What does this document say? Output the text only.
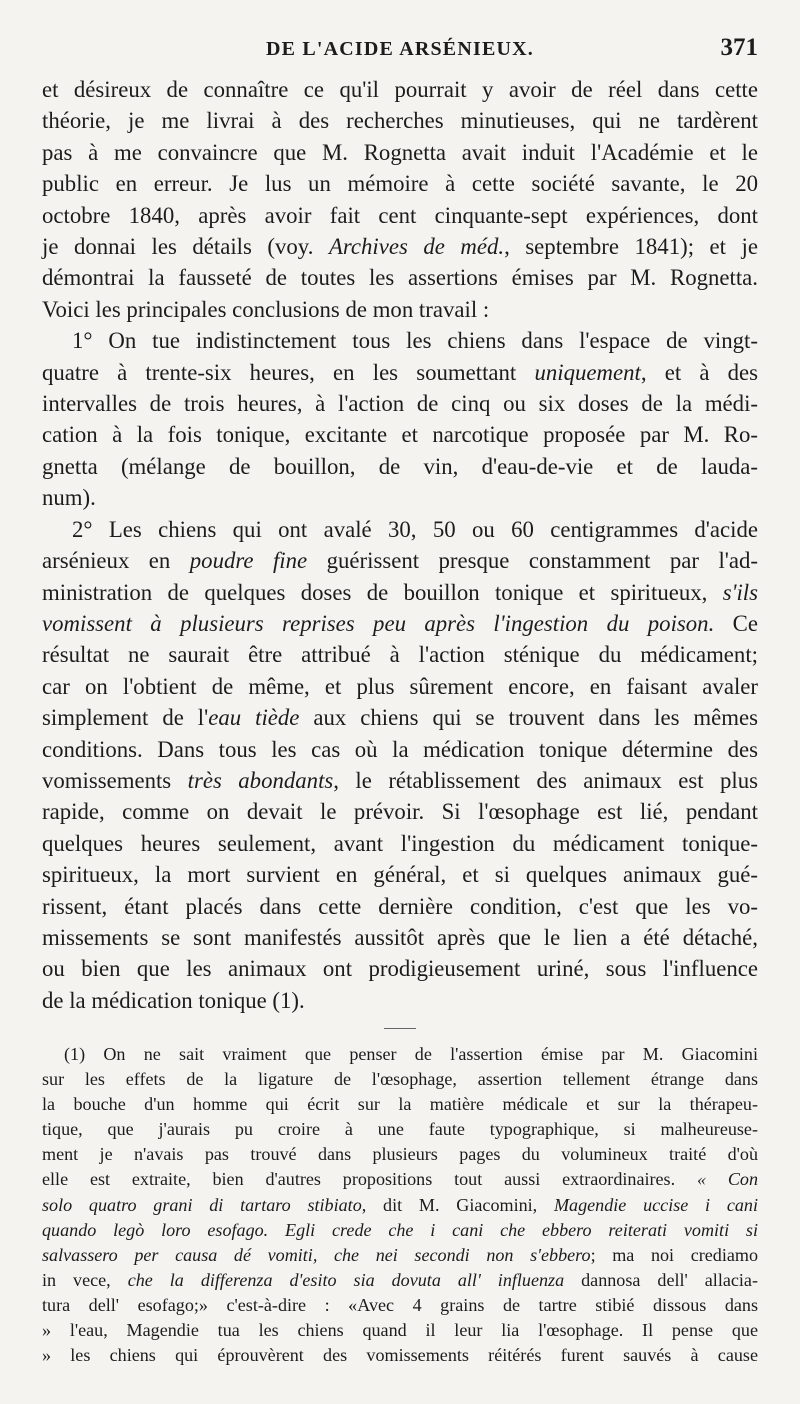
DE L'ACIDE ARSÉNIEUX.	371
et désireux de connaître ce qu'il pourrait y avoir de réel dans cette
théorie, je me livrai à des recherches minutieuses, qui ne tardèrent
pas à me convaincre que M. Rognetta avait induit l'Académie et le
public en erreur. Je lus un mémoire à cette société savante, le 20
octobre 1840, après avoir fait cent cinquante-sept expériences, dont
je donnai les détails (voy. Archives de méd., septembre 1841); et je
démontrai la fausseté de toutes les assertions émises par M. Rognetta.
Voici les principales conclusions de mon travail :
1° On tue indistinctement tous les chiens dans l'espace de vingt-
quatre à trente-six heures, en les soumettant uniquement, et à des
intervalles de trois heures, à l'action de cinq ou six doses de la médi-
cation à la fois tonique, excitante et narcotique proposée par M. Ro-
gnetta (mélange de bouillon, de vin, d'eau-de-vie et de lauda-
num).
2° Les chiens qui ont avalé 30, 50 ou 60 centigrammes d'acide
arsénieux en poudre fine guérissent presque constamment par l'ad-
ministration de quelques doses de bouillon tonique et spiritueux, s'ils
vomissent à plusieurs reprises peu après l'ingestion du poison. Ce
résultat ne saurait être attribué à l'action sténique du médicament;
car on l'obtient de même, et plus sûrement encore, en faisant avaler
simplement de l'eau tiède aux chiens qui se trouvent dans les mêmes
conditions. Dans tous les cas où la médication tonique détermine des
vomissements très abondants, le rétablissement des animaux est plus
rapide, comme on devait le prévoir. Si l'œsophage est lié, pendant
quelques heures seulement, avant l'ingestion du médicament tonique-
spiritueux, la mort survient en général, et si quelques animaux gué-
rissent, étant placés dans cette dernière condition, c'est que les vo-
missements se sont manifestés aussitôt après que le lien a été détaché,
ou bien que les animaux ont prodigieusement uriné, sous l'influence
de la médication tonique (1).
(1) On ne sait vraiment que penser de l'assertion émise par M. Giacomini
sur les effets de la ligature de l'œsophage, assertion tellement étrange dans
la bouche d'un homme qui écrit sur la matière médicale et sur la thérapeu-
tique, que j'aurais pu croire à une faute typographique, si malheureuse-
ment je n'avais pas trouvé dans plusieurs pages du volumineux traité d'où
elle est extraite, bien d'autres propositions tout aussi extraordinaires. « Con
solo quatro grani di tartaro stibiato, dit M. Giacomini, Magendie uccise i cani
quando legò loro esofago. Egli crede che i cani che ebbero reiterati vomiti si
salvassero per causa dé vomiti, che nei secondi non s'ebbero; ma noi crediamo
in vece, che la differenza d'esito sia dovuta all' influenza dannosa dell' allacia-
tura dell' esofago;» c'est-à-dire : «Avec 4 grains de tartre stibié dissous dans
» l'eau, Magendie tua les chiens quand il leur lia l'œsophage. Il pense que
» les chiens qui éprouvèrent des vomissements réitérés furent sauvés à cause
